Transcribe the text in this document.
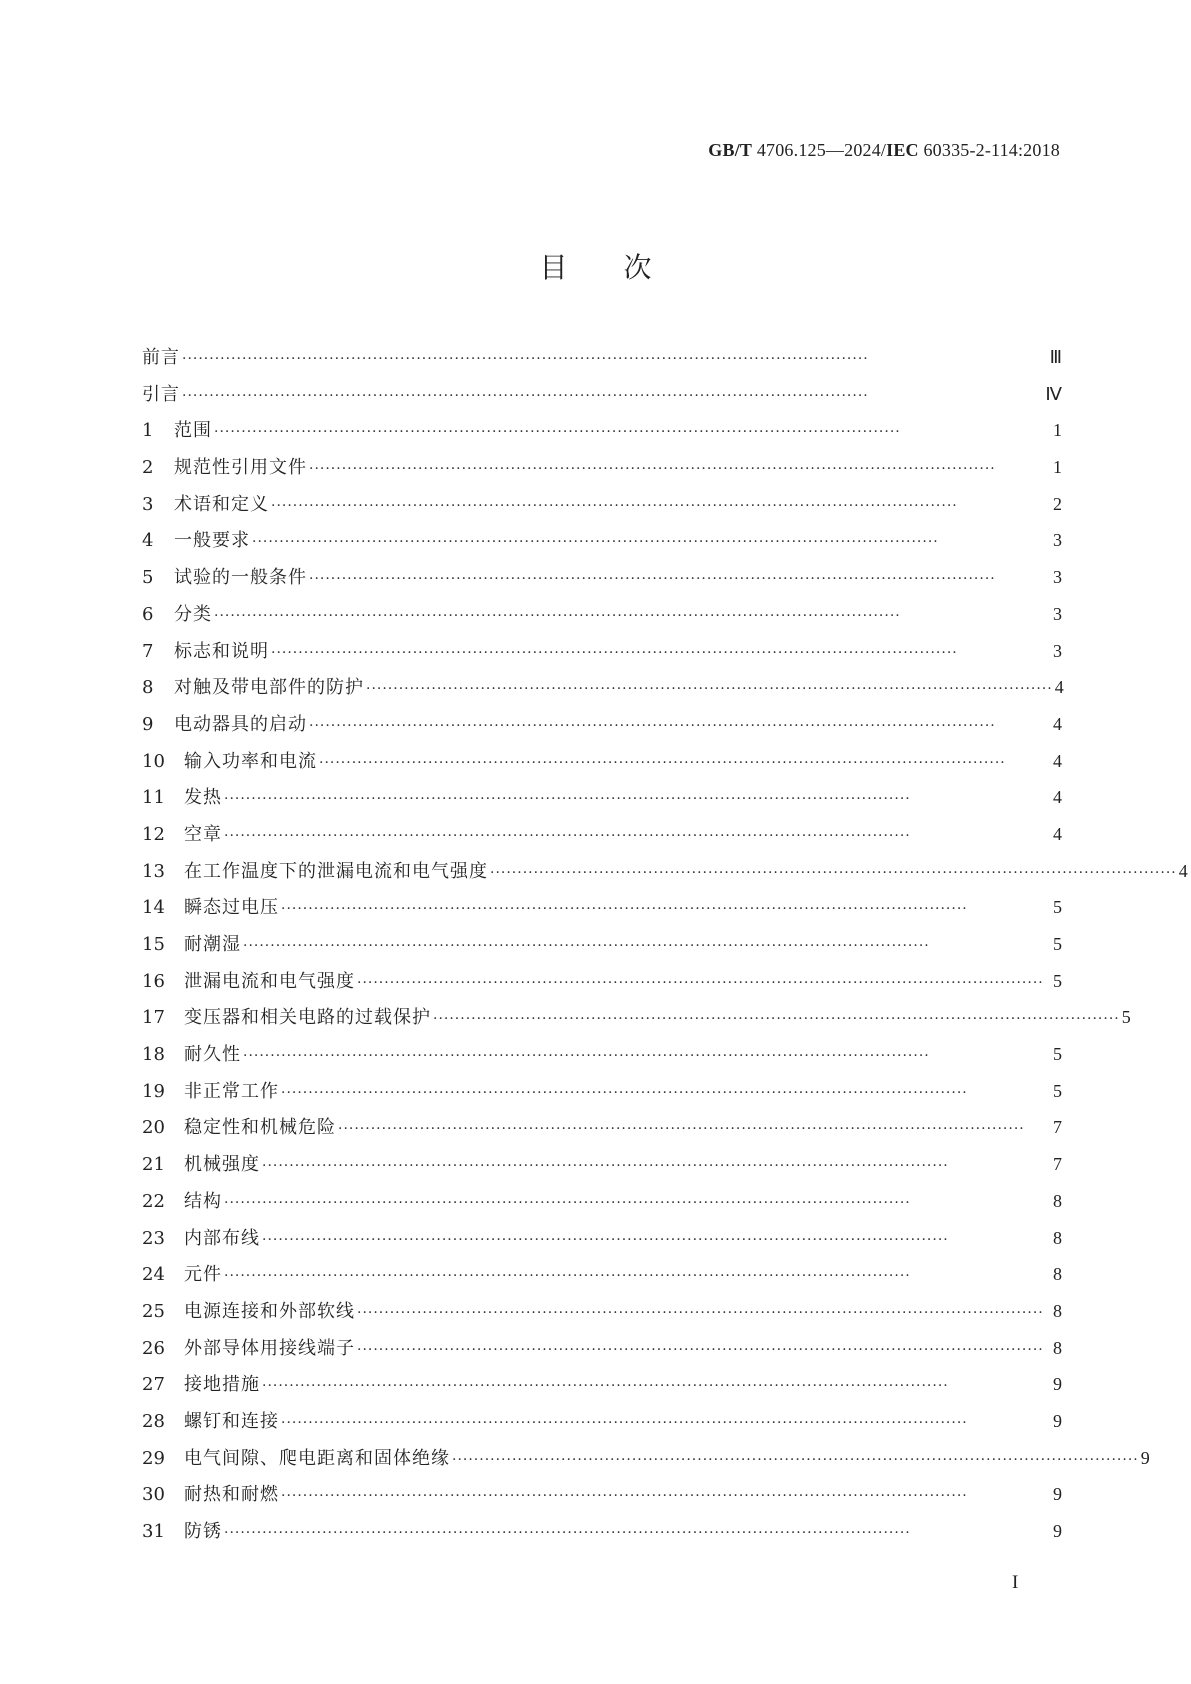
GB/T 4706.125—2024/IEC 60335-2-114:2018
目次
前言 ······························································································································	Ⅲ
引言 ······························································································································	Ⅳ
1	范围 ······························································································································	1
2	规范性引用文件 ······························································································································	1
3	术语和定义 ······························································································································	2
4	一般要求 ······························································································································	3
5	试验的一般条件 ······························································································································	3
6	分类 ······························································································································	3
7	标志和说明 ······························································································································	3
8	对触及带电部件的防护 ······························································································································ 4
9	电动器具的启动 ······························································································································	4
10	输入功率和电流 ······························································································································	4
11	发热 ······························································································································	4
12	空章 ······························································································································	4
13	在工作温度下的泄漏电流和电气强度 ······························································································································ 4
14	瞬态过电压 ······························································································································	5
15	耐潮湿 ······························································································································	5
16	泄漏电流和电气强度 ······························································································································ 5
17	变压器和相关电路的过载保护 ······························································································································ 5
18	耐久性 ······························································································································	5
19	非正常工作 ······························································································································	5
20	稳定性和机械危险 ······························································································································	7
21	机械强度 ······························································································································	7
22	结构 ······························································································································	8
23	内部布线 ······························································································································	8
24	元件 ······························································································································	8
25	电源连接和外部软线 ······························································································································ 8
26	外部导体用接线端子 ······························································································································ 8
27	接地措施 ······························································································································	9
28	螺钉和连接 ······························································································································	9
29	电气间隙、爬电距离和固体绝缘 ······························································································································ 9
30	耐热和耐燃 ······························································································································	9
31	防锈 ······························································································································	9
I
